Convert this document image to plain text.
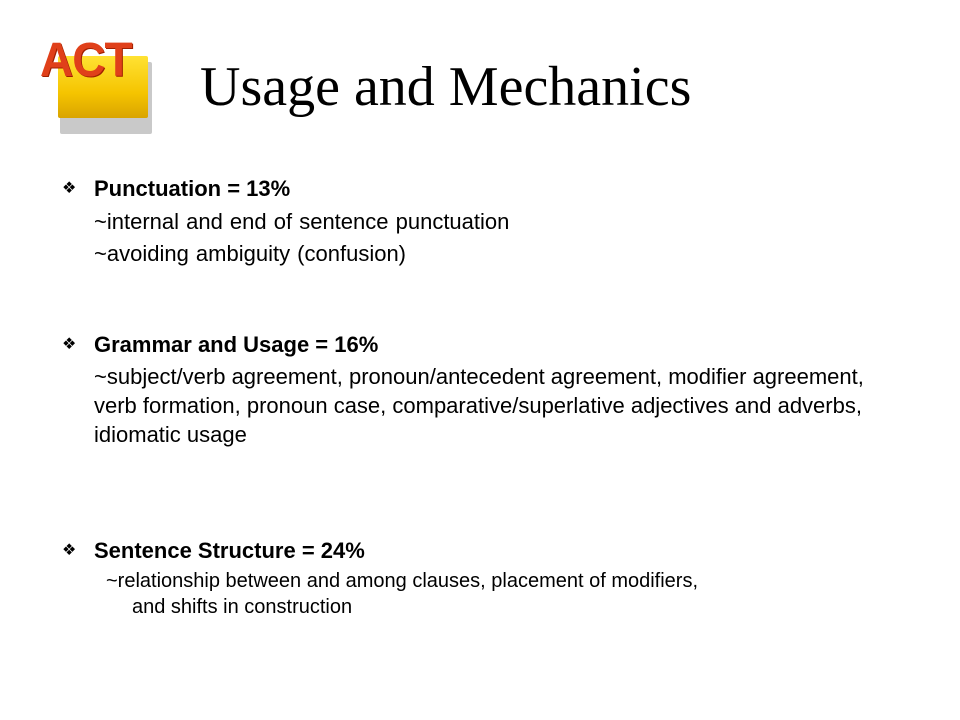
ACT Usage and Mechanics
❖ Punctuation = 13%
~internal and end of sentence punctuation
~avoiding ambiguity (confusion)
❖ Grammar and Usage = 16%
~subject/verb agreement, pronoun/antecedent agreement, modifier agreement, verb formation, pronoun case, comparative/superlative adjectives and adverbs, idiomatic usage
❖ Sentence Structure = 24%
~relationship between and among clauses, placement of modifiers,
and shifts in construction
